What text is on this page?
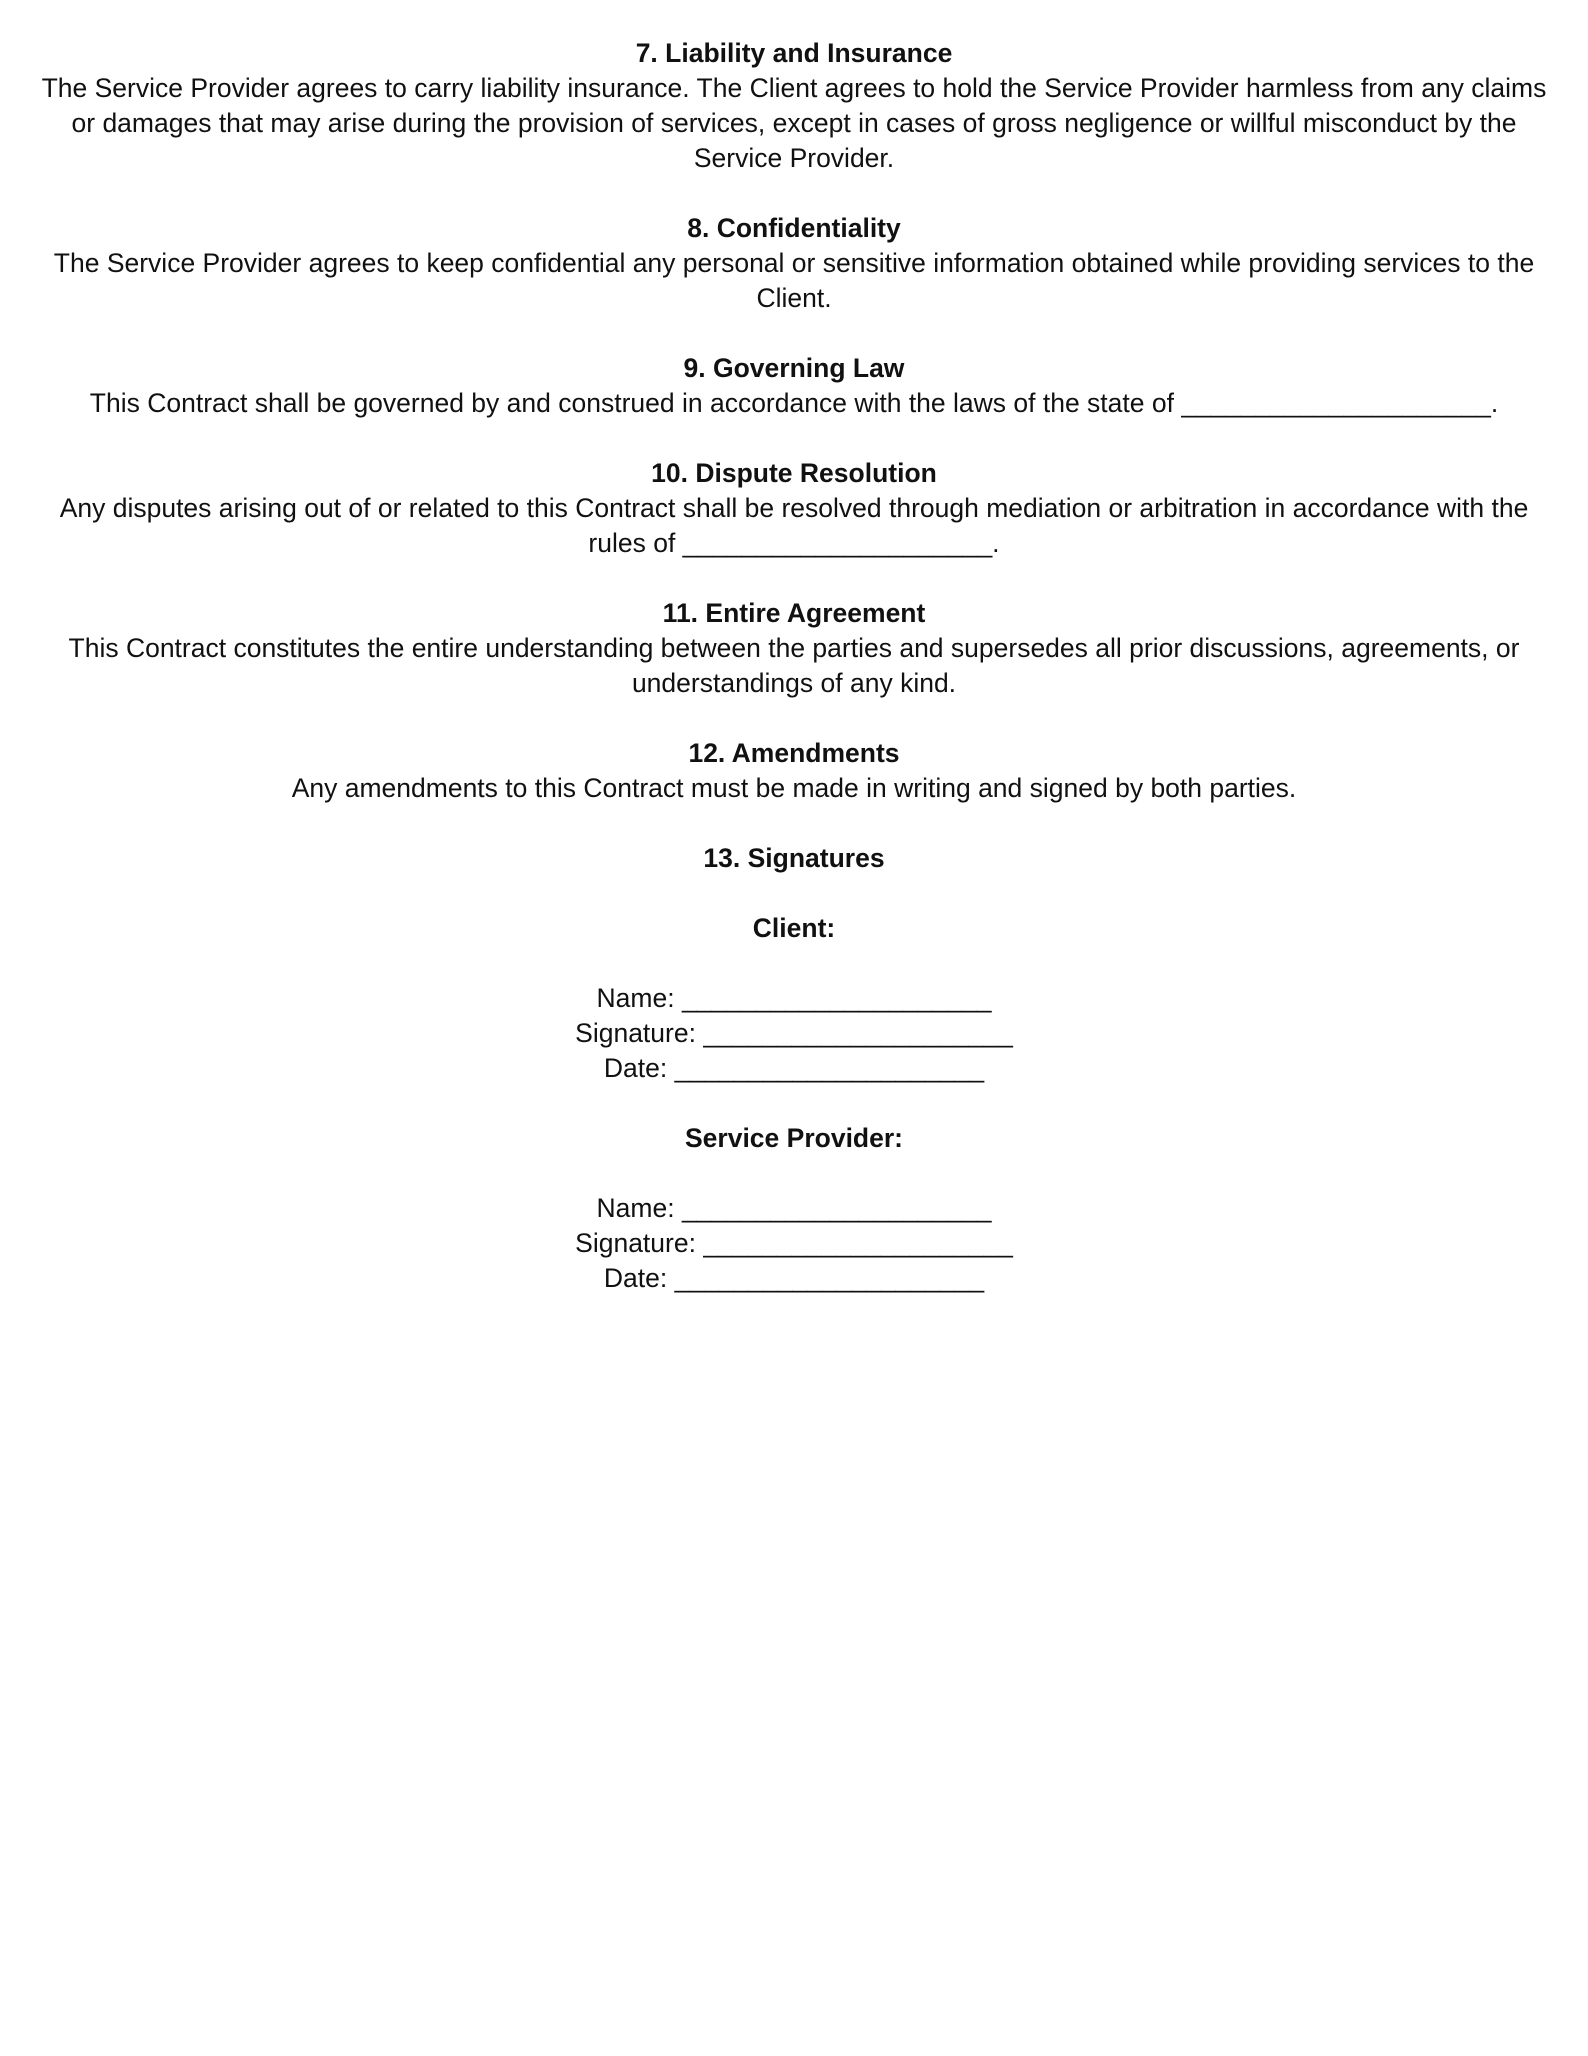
7. Liability and Insurance

The Service Provider agrees to carry liability insurance. The Client agrees to hold the Service Provider harmless from any claims or damages that may arise during the provision of services, except in cases of gross negligence or willful misconduct by the Service Provider.

8. Confidentiality

The Service Provider agrees to keep confidential any personal or sensitive information obtained while providing services to the Client.

9. Governing Law

This Contract shall be governed by and construed in accordance with the laws of the state of _____________________.

10. Dispute Resolution

Any disputes arising out of or related to this Contract shall be resolved through mediation or arbitration in accordance with the rules of _____________________.

11. Entire Agreement

This Contract constitutes the entire understanding between the parties and supersedes all prior discussions, agreements, or understandings of any kind.

12. Amendments

Any amendments to this Contract must be made in writing and signed by both parties.

13. Signatures

Client:

Name: _____________________
Signature: _____________________
Date: _____________________

Service Provider:

Name: _____________________
Signature: _____________________
Date: _____________________
